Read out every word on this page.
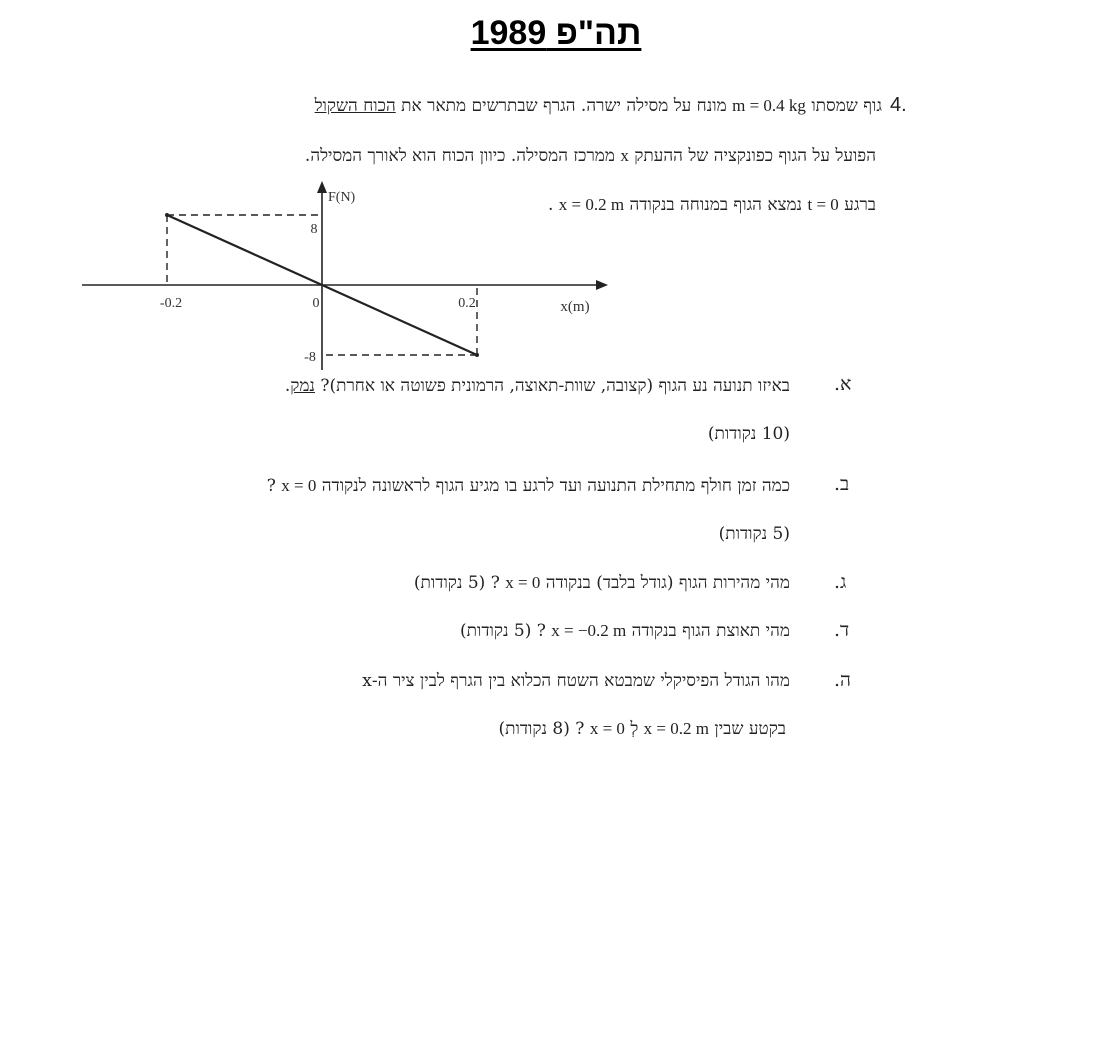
תה"פ 1989
4.
גוף שמסתו m = 0.4 kg מונח על מסילה ישרה. הגרף שבתרשים מתאר את הכוח השקול
הפועל על הגוף כפונקציה של ההעתק x ממרכז המסילה. כיוון הכוח הוא לאורך המסילה.
ברגע t = 0 נמצא הגוף במנוחה בנקודה x = 0.2 m .
-0.2	0	0.2
8
-8
x(m)
F(N)
א.
באיזו תנועה נע הגוף (קצובה, שוות-תאוצה, הרמונית פשוטה או אחרת)? נמק.
(10 נקודות)
ב.
כמה זמן חולף מתחילת התנועה ועד לרגע בו מגיע הגוף לראשונה לנקודה x = 0 ?
(5 נקודות)
ג.
מהי מהירות הגוף (גודל בלבד) בנקודה x = 0 ? (5 נקודות)
ד.
מהי תאוצת הגוף בנקודה x = −0.2 m ? (5 נקודות)
ה.
מהו הגודל הפיסיקלי שמבטא השטח הכלוא בין הגרף לבין ציר ה-x
בקטע שבין x = 0.2 m לְ x = 0 ? (8 נקודות)
